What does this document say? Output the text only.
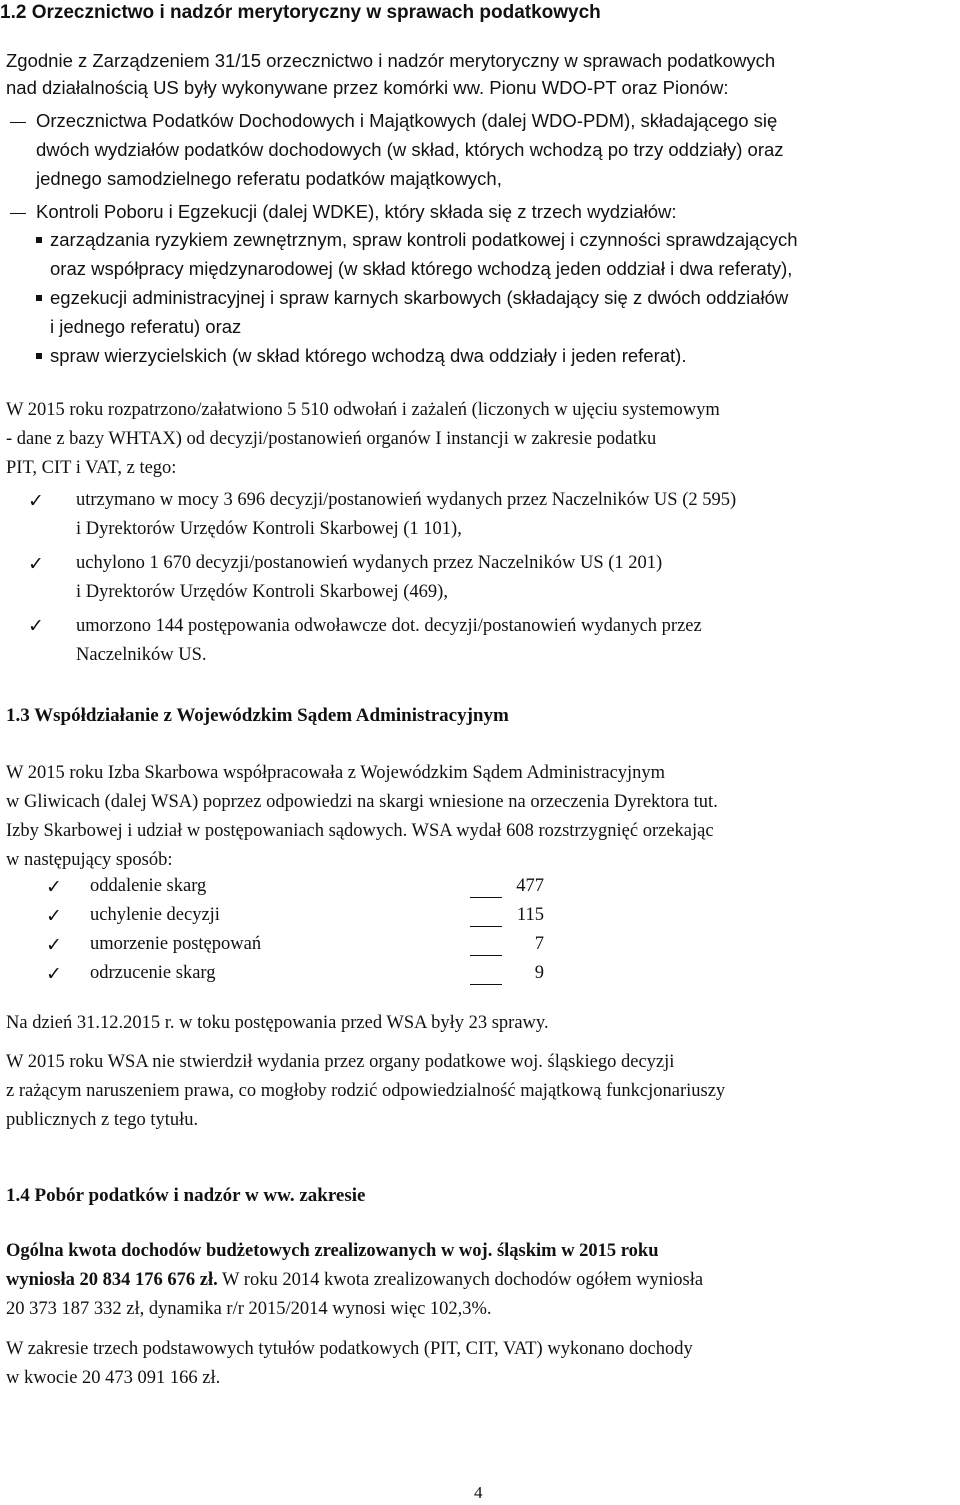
1.2 Orzecznictwo i nadzór merytoryczny w sprawach podatkowych
Zgodnie z Zarządzeniem 31/15 orzecznictwo i nadzór merytoryczny w sprawach podatkowych
nad działalnością US były wykonywane przez komórki ww. Pionu WDO-PT oraz Pionów:
Orzecznictwa Podatków Dochodowych i Majątkowych (dalej WDO-PDM), składającego się
dwóch wydziałów podatków dochodowych (w skład, których wchodzą po trzy oddziały) oraz
jednego samodzielnego referatu podatków majątkowych,
Kontroli Poboru i Egzekucji (dalej WDKE), który składa się z trzech wydziałów:
zarządzania ryzykiem zewnętrznym, spraw kontroli podatkowej i czynności sprawdzających
oraz współpracy międzynarodowej (w skład którego wchodzą jeden oddział i dwa referaty),
egzekucji administracyjnej i spraw karnych skarbowych (składający się z dwóch oddziałów
i jednego referatu) oraz
spraw wierzycielskich (w skład którego wchodzą dwa oddziały i jeden referat).
W 2015 roku rozpatrzono/załatwiono 5 510 odwołań i zażaleń (liczonych w ujęciu systemowym
- dane z bazy WHTAX) od decyzji/postanowień organów I instancji w zakresie podatku
PIT, CIT i VAT, z tego:
✓ utrzymano w mocy 3 696 decyzji/postanowień wydanych przez Naczelników US (2 595)
i Dyrektorów Urzędów Kontroli Skarbowej (1 101),
✓ uchylono 1 670 decyzji/postanowień wydanych przez Naczelników US (1 201)
i Dyrektorów Urzędów Kontroli Skarbowej (469),
✓ umorzono 144 postępowania odwoławcze dot. decyzji/postanowień wydanych przez
Naczelników US.
1.3 Współdziałanie z Wojewódzkim Sądem Administracyjnym
W 2015 roku Izba Skarbowa współpracowała z Wojewódzkim Sądem Administracyjnym
w Gliwicach (dalej WSA) poprzez odpowiedzi na skargi wniesione na orzeczenia Dyrektora tut.
Izby Skarbowej i udział w postępowaniach sądowych. WSA wydał 608 rozstrzygnięć orzekając
w następujący sposób:
✓ oddalenie skarg	477
✓ uchylenie decyzji	115
✓ umorzenie postępowań	7
✓ odrzucenie skarg	9
Na dzień 31.12.2015 r. w toku postępowania przed WSA były 23 sprawy.
W 2015 roku WSA nie stwierdził wydania przez organy podatkowe woj. śląskiego decyzji
z rażącym naruszeniem prawa, co mogłoby rodzić odpowiedzialność majątkową funkcjonariuszy
publicznych z tego tytułu.
1.4 Pobór podatków i nadzór w ww. zakresie
Ogólna kwota dochodów budżetowych zrealizowanych w woj. śląskim w 2015 roku
wyniosła 20 834 176 676 zł. W roku 2014 kwota zrealizowanych dochodów ogółem wyniosła
20 373 187 332 zł, dynamika r/r 2015/2014 wynosi więc 102,3%.
W zakresie trzech podstawowych tytułów podatkowych (PIT, CIT, VAT) wykonano dochody
w kwocie 20 473 091 166 zł.
4
